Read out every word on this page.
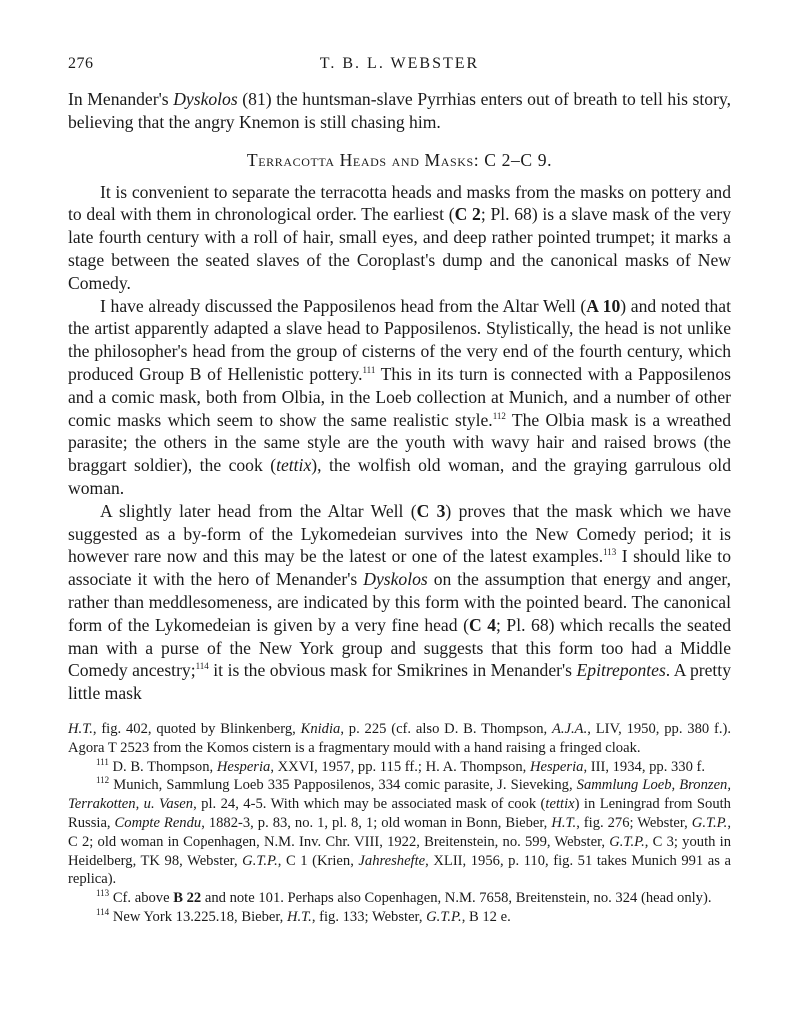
276	T. B. L. WEBSTER

In Menander's Dyskolos (81) the huntsman-slave Pyrrhias enters out of breath to tell his story, believing that the angry Knemon is still chasing him.

Terracotta Heads and Masks: C 2–C 9.

It is convenient to separate the terracotta heads and masks from the masks on pottery and to deal with them in chronological order. The earliest (C 2; Pl. 68) is a slave mask of the very late fourth century with a roll of hair, small eyes, and deep rather pointed trumpet; it marks a stage between the seated slaves of the Coroplast's dump and the canonical masks of New Comedy.

I have already discussed the Papposilenos head from the Altar Well (A 10) and noted that the artist apparently adapted a slave head to Papposilenos. Stylistically, the head is not unlike the philosopher's head from the group of cisterns of the very end of the fourth century, which produced Group B of Hellenistic pottery.$^{111}$ This in its turn is connected with a Papposilenos and a comic mask, both from Olbia, in the Loeb collection at Munich, and a number of other comic masks which seem to show the same realistic style.$^{112}$ The Olbia mask is a wreathed parasite; the others in the same style are the youth with wavy hair and raised brows (the braggart soldier), the cook (tettix), the wolfish old woman, and the graying garrulous old woman.

A slightly later head from the Altar Well (C 3) proves that the mask which we have suggested as a by-form of the Lykomedeian survives into the New Comedy period; it is however rare now and this may be the latest or one of the latest examples.$^{113}$ I should like to associate it with the hero of Menander's Dyskolos on the assumption that energy and anger, rather than meddlesomeness, are indicated by this form with the pointed beard. The canonical form of the Lykomedeian is given by a very fine head (C 4; Pl. 68) which recalls the seated man with a purse of the New York group and suggests that this form too had a Middle Comedy ancestry;$^{114}$ it is the obvious mask for Smikrines in Menander's Epitrepontes. A pretty little mask

H.T., fig. 402, quoted by Blinkenberg, Knidia, p. 225 (cf. also D. B. Thompson, A.J.A., LIV, 1950, pp. 380 f.). Agora T 2523 from the Komos cistern is a fragmentary mould with a hand raising a fringed cloak.

$^{111}$ D. B. Thompson, Hesperia, XXVI, 1957, pp. 115 ff.; H. A. Thompson, Hesperia, III, 1934, pp. 330 f.

$^{112}$ Munich, Sammlung Loeb 335 Papposilenos, 334 comic parasite, J. Sieveking, Sammlung Loeb, Bronzen, Terrakotten, u. Vasen, pl. 24, 4-5. With which may be associated mask of cook (tettix) in Leningrad from South Russia, Compte Rendu, 1882-3, p. 83, no. 1, pl. 8, 1; old woman in Bonn, Bieber, H.T., fig. 276; Webster, G.T.P., C 2; old woman in Copenhagen, N.M. Inv. Chr. VIII, 1922, Breitenstein, no. 599, Webster, G.T.P., C 3; youth in Heidelberg, TK 98, Webster, G.T.P., C 1 (Krien, Jahreshefte, XLII, 1956, p. 110, fig. 51 takes Munich 991 as a replica).

$^{113}$ Cf. above B 22 and note 101. Perhaps also Copenhagen, N.M. 7658, Breitenstein, no. 324 (head only).

$^{114}$ New York 13.225.18, Bieber, H.T., fig. 133; Webster, G.T.P., B 12 e.
